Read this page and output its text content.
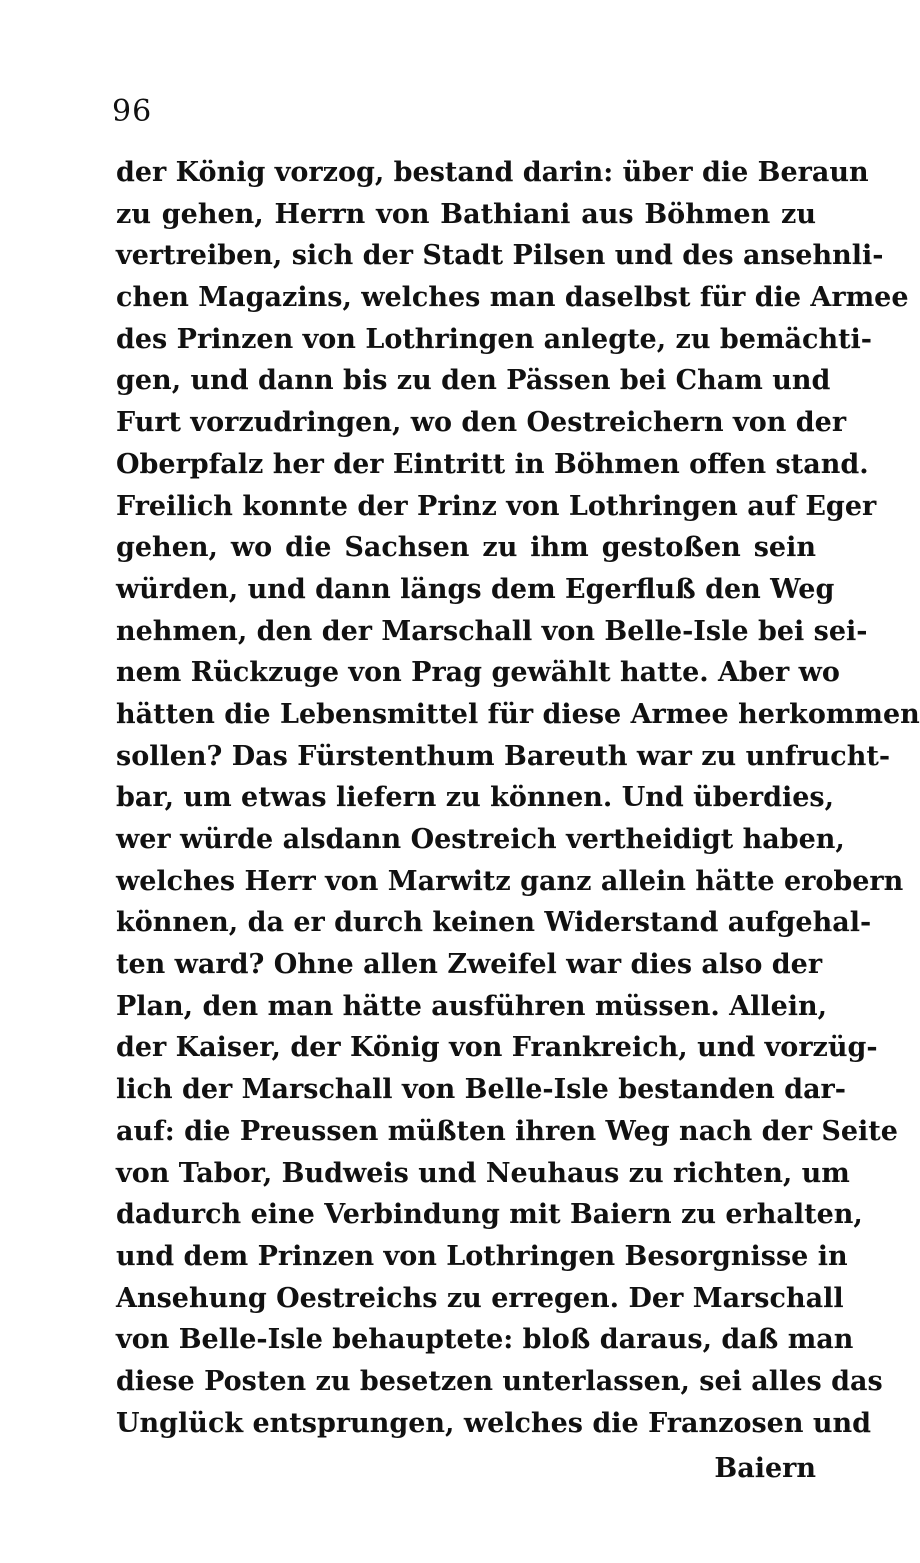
96
der König vorzog, bestand darin: über die Beraun
zu gehen, Herrn von Bathiani aus Böhmen zu
vertreiben, sich der Stadt Pilsen und des ansehnli-
chen Magazins, welches man daselbst für die Armee
des Prinzen von Lothringen anlegte, zu bemächti-
gen, und dann bis zu den Pässen bei Cham und
Furt vorzudringen, wo den Oestreichern von der
Oberpfalz her der Eintritt in Böhmen offen stand.
Freilich konnte der Prinz von Lothringen auf Eger
gehen, wo die Sachsen zu ihm gestoßen sein
würden, und dann längs dem Egerfluß den Weg
nehmen, den der Marschall von Belle-Isle bei sei-
nem Rückzuge von Prag gewählt hatte. Aber wo
hätten die Lebensmittel für diese Armee herkommen
sollen? Das Fürstenthum Bareuth war zu unfrucht-
bar, um etwas liefern zu können. Und überdies,
wer würde alsdann Oestreich vertheidigt haben,
welches Herr von Marwitz ganz allein hätte erobern
können, da er durch keinen Widerstand aufgehal-
ten ward? Ohne allen Zweifel war dies also der
Plan, den man hätte ausführen müssen. Allein,
der Kaiser, der König von Frankreich, und vorzüg-
lich der Marschall von Belle-Isle bestanden dar-
auf: die Preussen müßten ihren Weg nach der Seite
von Tabor, Budweis und Neuhaus zu richten, um
dadurch eine Verbindung mit Baiern zu erhalten,
und dem Prinzen von Lothringen Besorgnisse in
Ansehung Oestreichs zu erregen. Der Marschall
von Belle-Isle behauptete: bloß daraus, daß man
diese Posten zu besetzen unterlassen, sei alles das
Unglück entsprungen, welches die Franzosen und
Baiern
